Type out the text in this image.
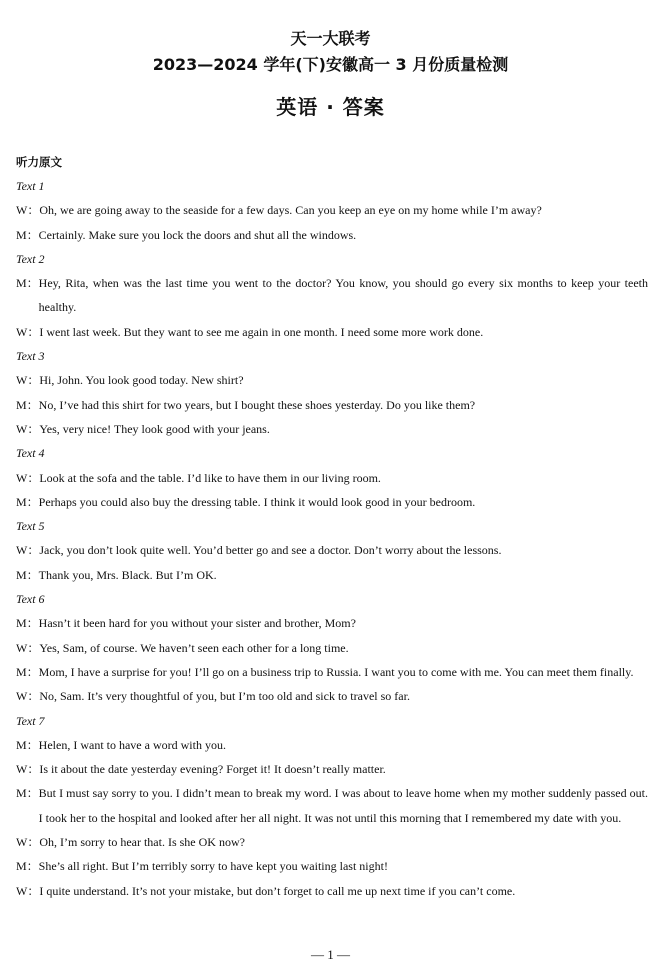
天一大联考
2023—2024 学年(下)安徽高一 3 月份质量检测
英语 · 答案
听力原文
Text 1
W： Oh, we are going away to the seaside for a few days. Can you keep an eye on my home while I’m away?
M： Certainly. Make sure you lock the doors and shut all the windows.
Text 2
M： Hey, Rita, when was the last time you went to the doctor? You know, you should go every six months to keep your teeth healthy.
W： I went last week. But they want to see me again in one month. I need some more work done.
Text 3
W： Hi, John. You look good today. New shirt?
M： No, I’ve had this shirt for two years, but I bought these shoes yesterday. Do you like them?
W： Yes, very nice! They look good with your jeans.
Text 4
W： Look at the sofa and the table. I’d like to have them in our living room.
M： Perhaps you could also buy the dressing table. I think it would look good in your bedroom.
Text 5
W： Jack, you don’t look quite well. You’d better go and see a doctor. Don’t worry about the lessons.
M： Thank you, Mrs. Black. But I’m OK.
Text 6
M： Hasn’t it been hard for you without your sister and brother, Mom?
W： Yes, Sam, of course. We haven’t seen each other for a long time.
M： Mom, I have a surprise for you! I’ll go on a business trip to Russia. I want you to come with me. You can meet them finally.
W： No, Sam. It’s very thoughtful of you, but I’m too old and sick to travel so far.
Text 7
M： Helen, I want to have a word with you.
W： Is it about the date yesterday evening? Forget it! It doesn’t really matter.
M： But I must say sorry to you. I didn’t mean to break my word. I was about to leave home when my mother suddenly passed out. I took her to the hospital and looked after her all night. It was not until this morning that I remembered my date with you.
W： Oh, I’m sorry to hear that. Is she OK now?
M： She’s all right. But I’m terribly sorry to have kept you waiting last night!
W： I quite understand. It’s not your mistake, but don’t forget to call me up next time if you can’t come.
— 1 —
